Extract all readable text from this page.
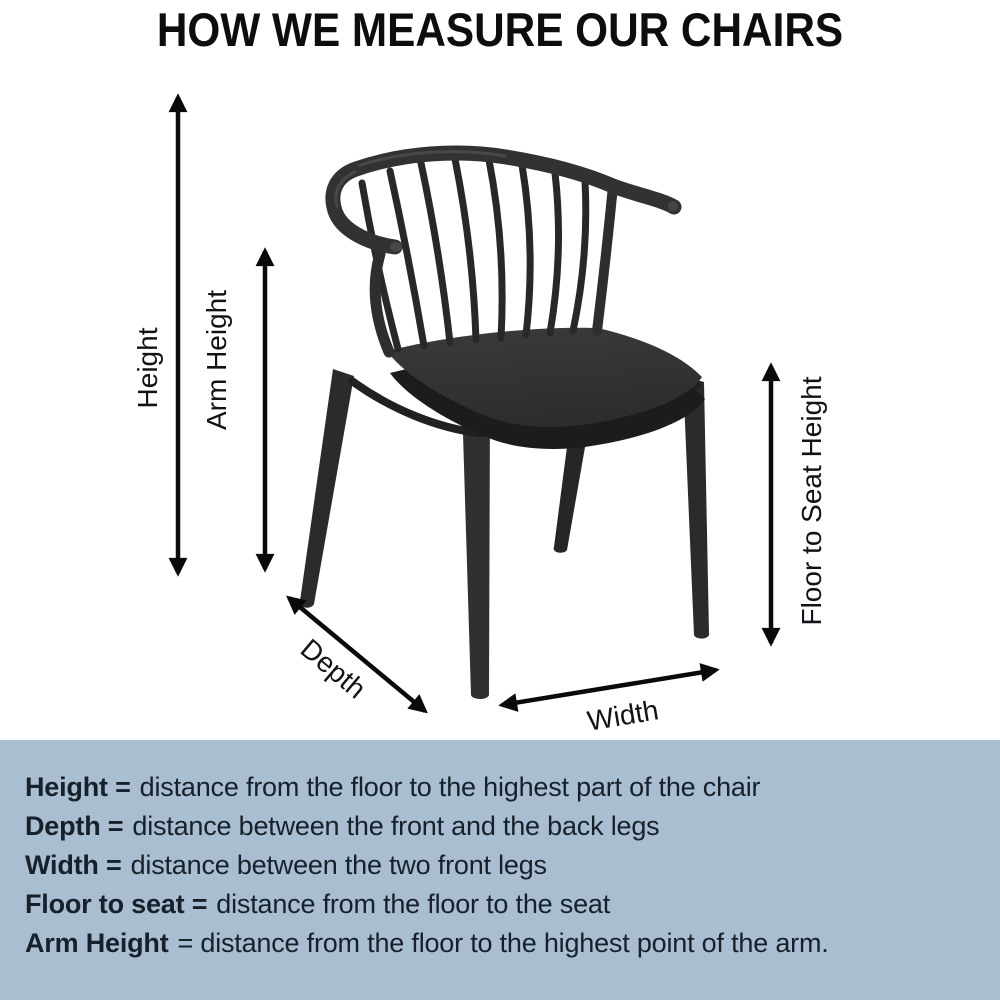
HOW WE MEASURE OUR CHAIRS
Height Arm Height
Floor to Seat Height
Depth
Width
Height = distance from the floor to the highest part of the chair
Depth = distance between the front and the back legs
Width = distance between the two front legs
Floor to seat = distance from the floor to the seat
Arm Height = distance from the floor to the highest point of the arm.
